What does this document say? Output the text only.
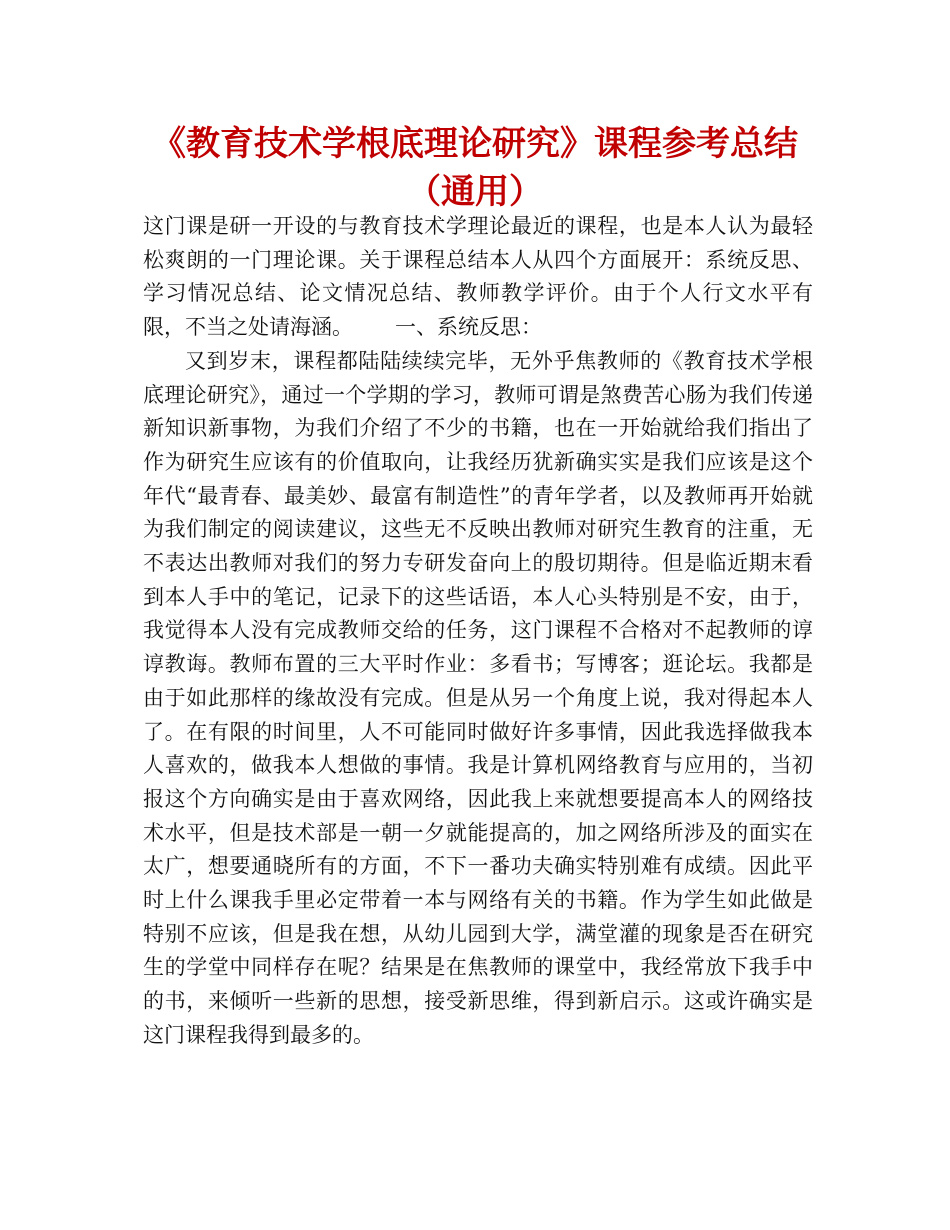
《教育技术学根底理论研究》课程参考总结（通用）

这门课是研一开设的与教育技术学理论最近的课程，也是本人认为最轻松爽朗的一门理论课。关于课程总结本人从四个方面展开：系统反思、学习情况总结、论文情况总结、教师教学评价。由于个人行文水平有限，不当之处请海涵。 一、系统反思：

又到岁末，课程都陆陆续续完毕，无外乎焦教师的《教育技术学根底理论研究》，通过一个学期的学习，教师可谓是煞费苦心肠为我们传递新知识新事物，为我们介绍了不少的书籍，也在一开始就给我们指出了作为研究生应该有的价值取向，让我经历犹新确实实是我们应该是这个年代“最青春、最美妙、最富有制造性”的青年学者，以及教师再开始就为我们制定的阅读建议，这些无不反映出教师对研究生教育的注重，无不表达出教师对我们的努力专研发奋向上的殷切期待。但是临近期末看到本人手中的笔记，记录下的这些话语，本人心头特别是不安，由于，我觉得本人没有完成教师交给的任务，这门课程不合格对不起教师的谆谆教诲。教师布置的三大平时作业：多看书；写博客；逛论坛。我都是由于如此那样的缘故没有完成。但是从另一个角度上说，我对得起本人了。在有限的时间里，人不可能同时做好许多事情，因此我选择做我本人喜欢的，做我本人想做的事情。我是计算机网络教育与应用的，当初报这个方向确实是由于喜欢网络，因此我上来就想要提高本人的网络技术水平，但是技术部是一朝一夕就能提高的，加之网络所涉及的面实在太广，想要通晓所有的方面，不下一番功夫确实特别难有成绩。因此平时上什么课我手里必定带着一本与网络有关的书籍。作为学生如此做是特别不应该，但是我在想，从幼儿园到大学，满堂灌的现象是否在研究生的学堂中同样存在呢？结果是在焦教师的课堂中，我经常放下我手中的书，来倾听一些新的思想，接受新思维，得到新启示。这或许确实是这门课程我得到最多的。
